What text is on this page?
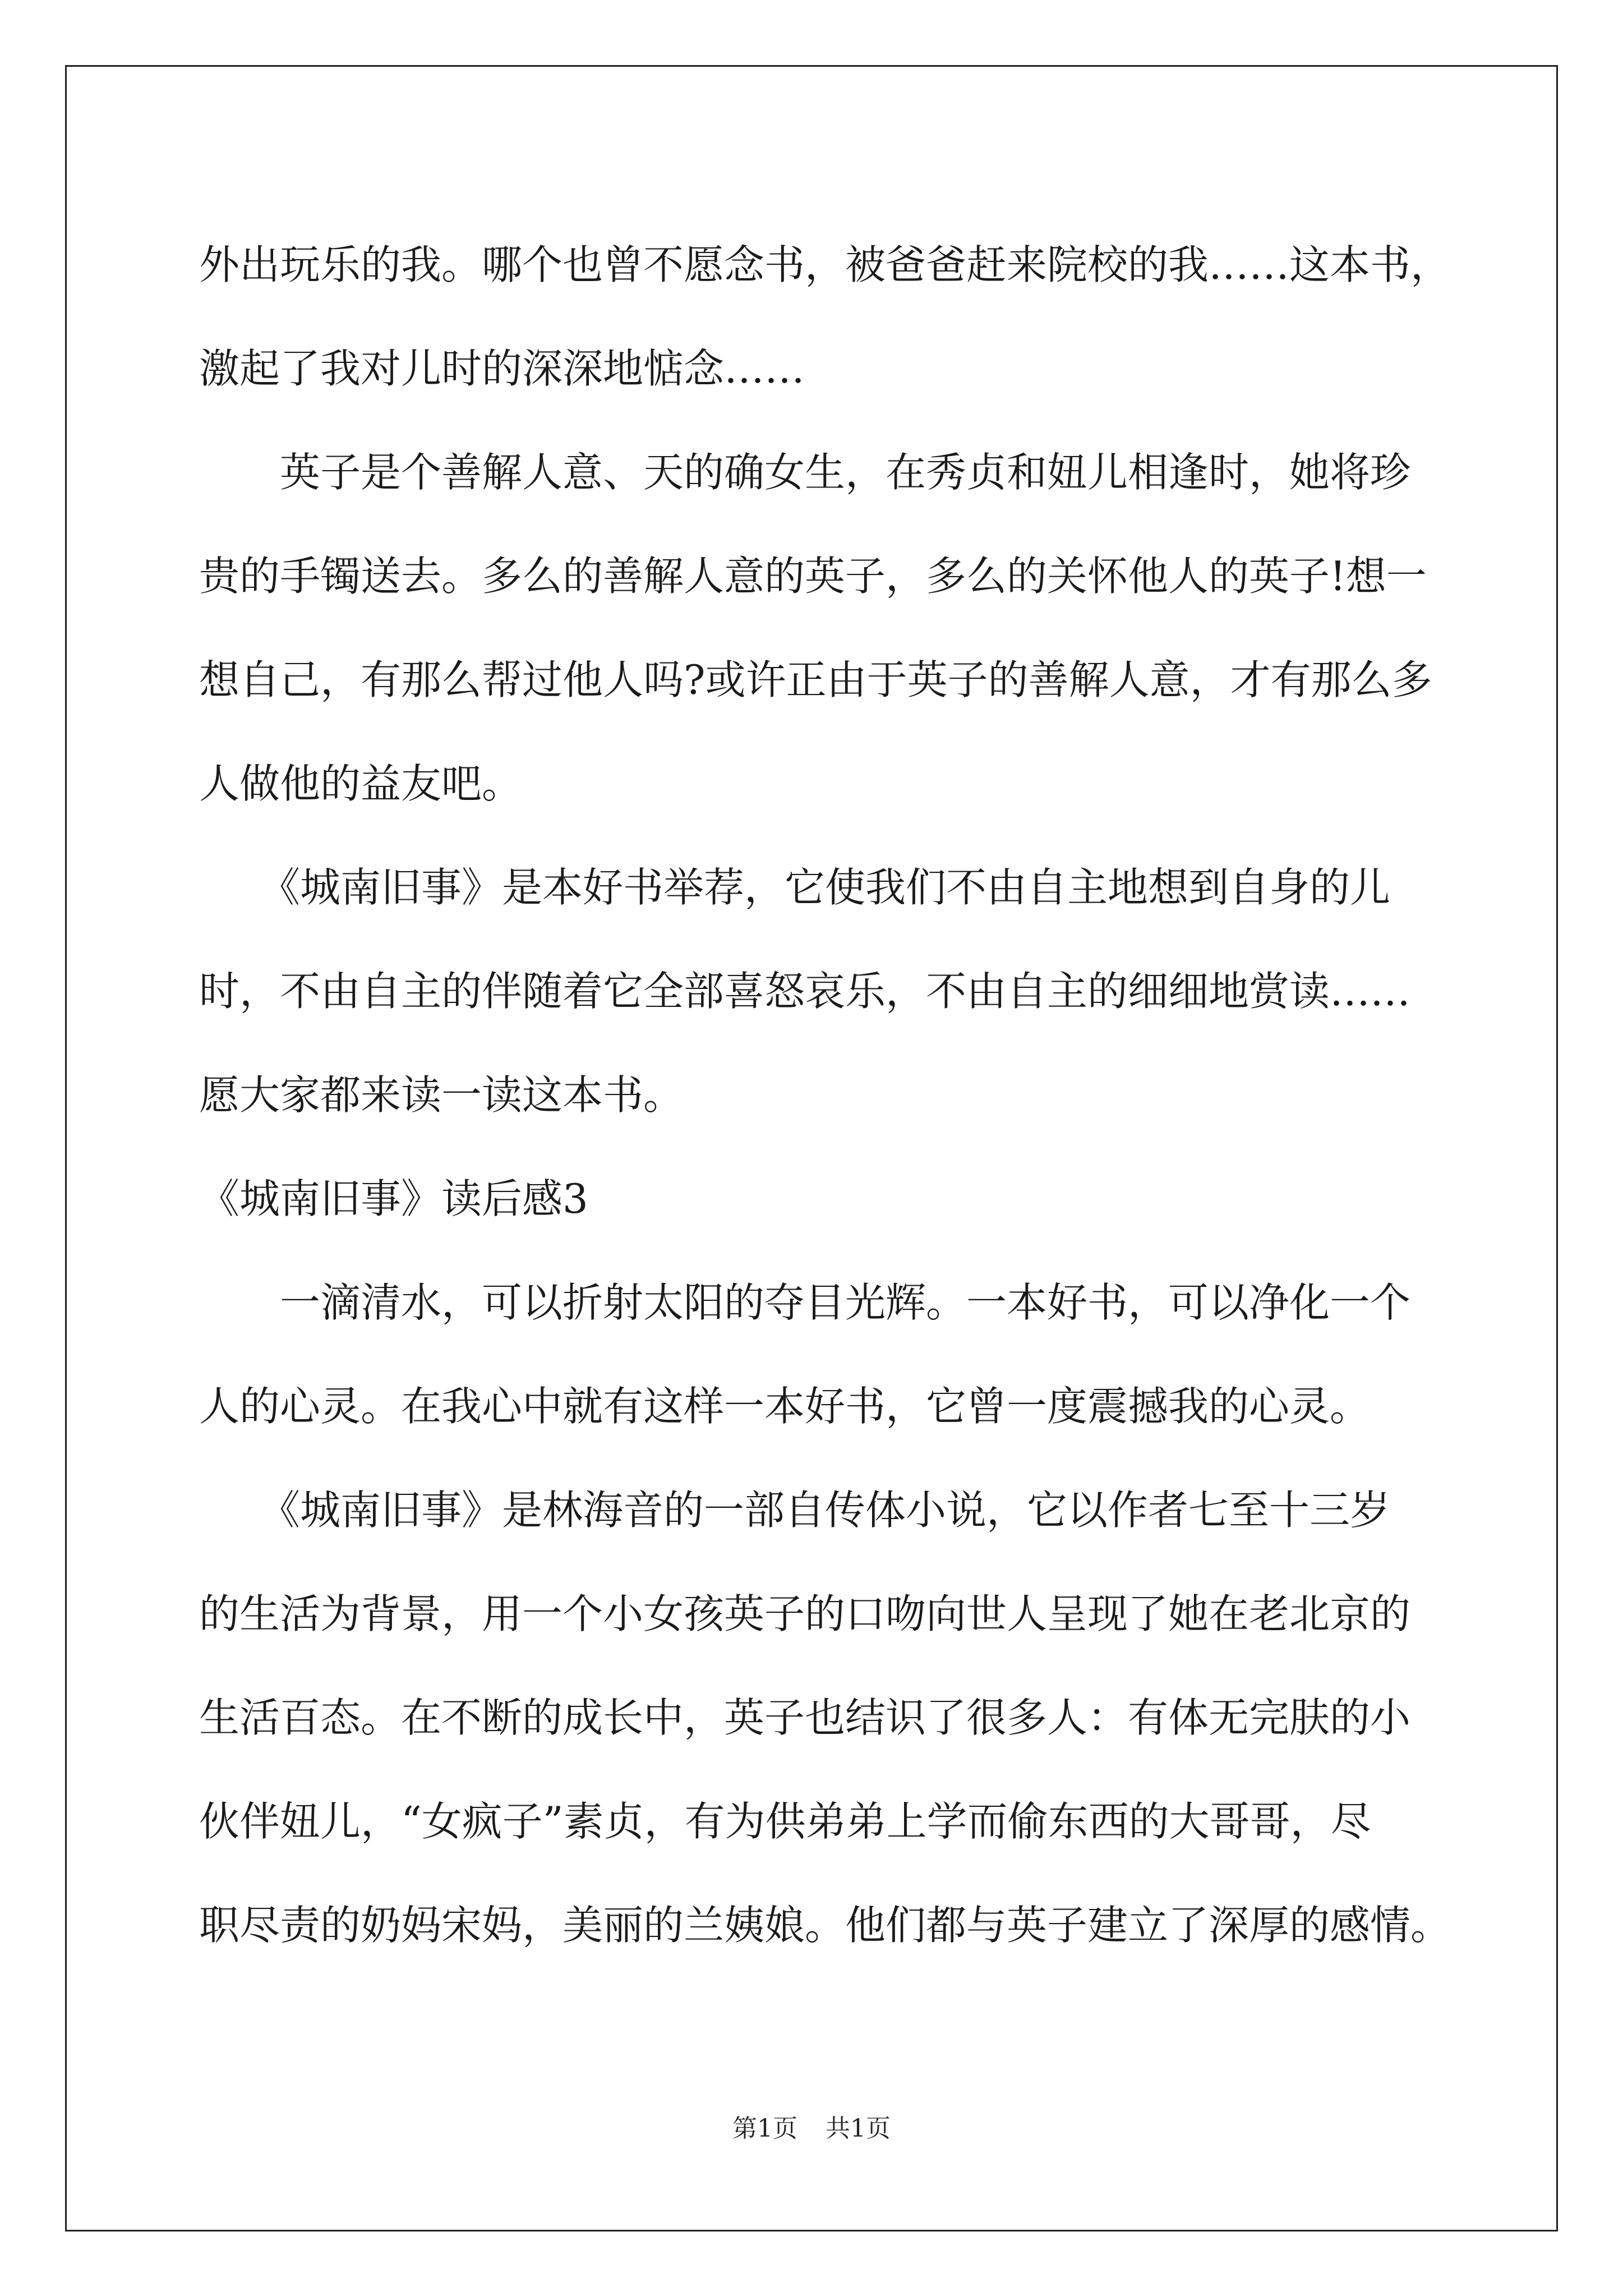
外出玩乐的我。哪个也曾不愿念书，被爸爸赶来院校的我……这本书，
激起了我对儿时的深深地惦念……
　　英子是个善解人意、天的确女生，在秀贞和妞儿相逢时，她将珍
贵的手镯送去。多么的善解人意的英子，多么的关怀他人的英子!想一
想自己，有那么帮过他人吗?或许正由于英子的善解人意，才有那么多
人做他的益友吧。
　　《城南旧事》是本好书举荐，它使我们不由自主地想到自身的儿
时，不由自主的伴随着它全部喜怒哀乐，不由自主的细细地赏读……
愿大家都来读一读这本书。
《城南旧事》读后感3
　　一滴清水，可以折射太阳的夺目光辉。一本好书，可以净化一个
人的心灵。在我心中就有这样一本好书，它曾一度震撼我的心灵。
　　《城南旧事》是林海音的一部自传体小说，它以作者七至十三岁
的生活为背景，用一个小女孩英子的口吻向世人呈现了她在老北京的
生活百态。在不断的成长中，英子也结识了很多人：有体无完肤的小
伙伴妞儿，“女疯子”素贞，有为供弟弟上学而偷东西的大哥哥，尽
职尽责的奶妈宋妈，美丽的兰姨娘。他们都与英子建立了深厚的感情。
第1页 共1页
